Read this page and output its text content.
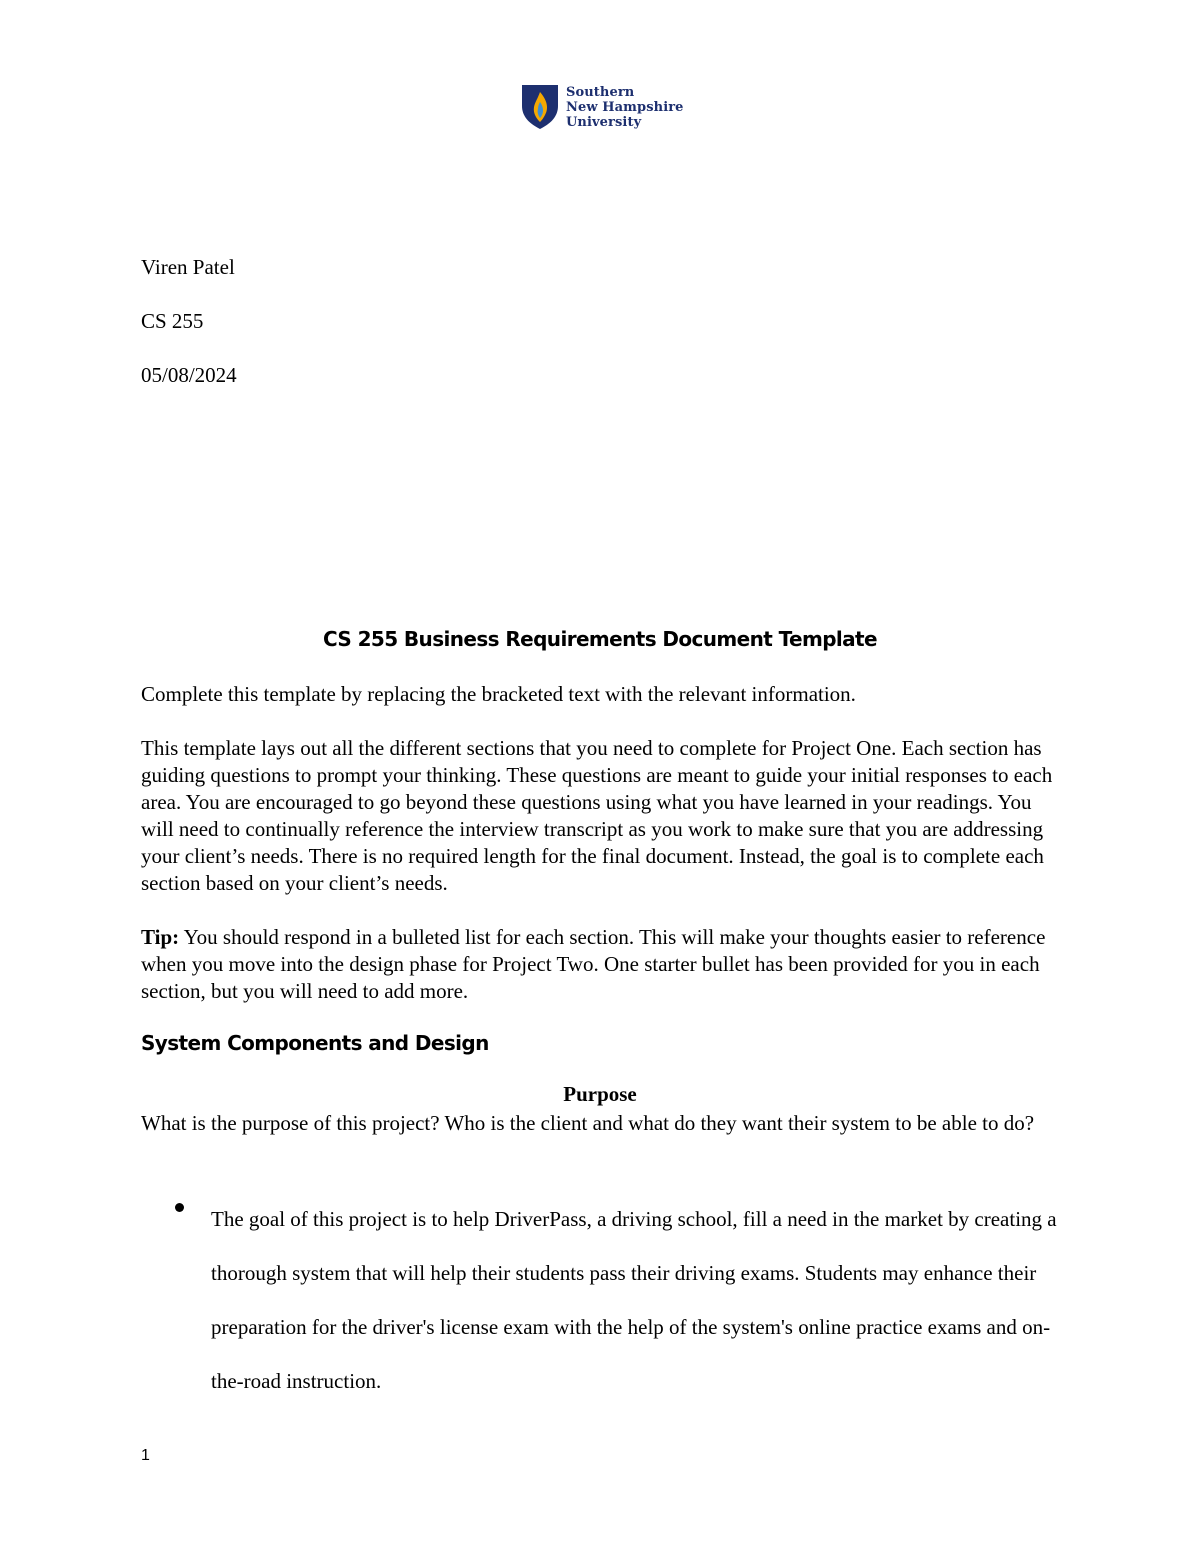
Southern
New Hampshire
University
Viren Patel
CS 255
05/08/2024
CS 255 Business Requirements Document Template

Complete this template by replacing the bracketed text with the relevant information.

This template lays out all the different sections that you need to complete for Project One. Each section has guiding questions to prompt your thinking. These questions are meant to guide your initial responses to each area. You are encouraged to go beyond these questions using what you have learned in your readings. You will need to continually reference the interview transcript as you work to make sure that you are addressing your client’s needs. There is no required length for the final document. Instead, the goal is to complete each section based on your client’s needs.

Tip: You should respond in a bulleted list for each section. This will make your thoughts easier to reference when you move into the design phase for Project Two. One starter bullet has been provided for you in each section, but you will need to add more.

System Components and Design
Purpose

What is the purpose of this project? Who is the client and what do they want their system to be able to do?

The goal of this project is to help DriverPass, a driving school, fill a need in the market by creating a thorough system that will help their students pass their driving exams. Students may enhance their preparation for the driver's license exam with the help of the system's online practice exams and on-the-road instruction.

1
